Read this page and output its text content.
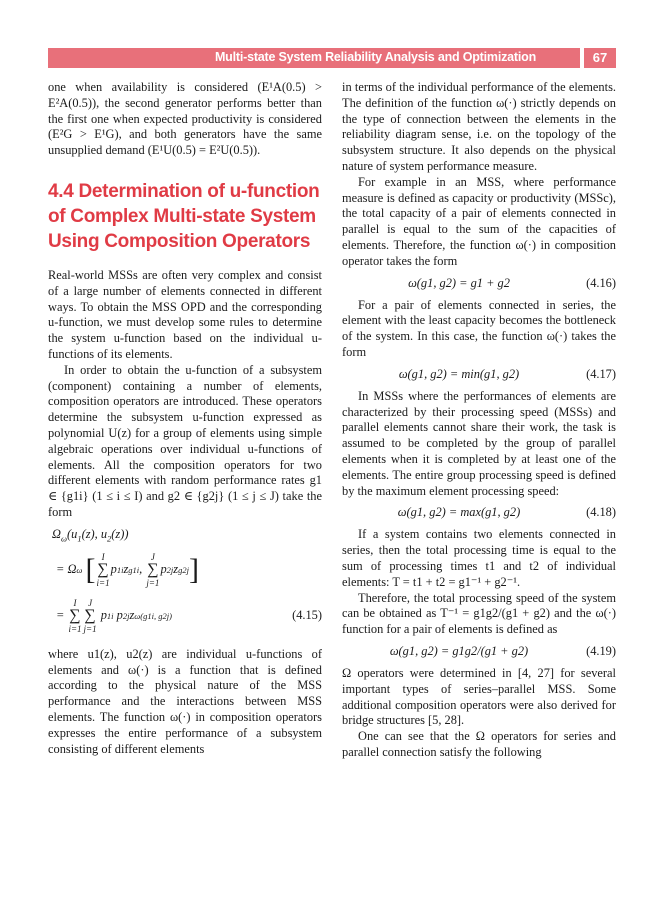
Multi-state System Reliability Analysis and Optimization	67

one when availability is considered (E¹A(0.5) > E²A(0.5)), the second generator performs better than the first one when expected productivity is considered (E²G > E¹G), and both generators have the same unsupplied demand (E¹U(0.5) = E²U(0.5)).

4.4 Determination of u-function of Complex Multi-state System Using Composition Operators

Real-world MSSs are often very complex and consist of a large number of elements connected in different ways. To obtain the MSS OPD and the corresponding u-function, we must develop some rules to determine the system u-function based on the individual u-functions of its elements.

In order to obtain the u-function of a subsystem (component) containing a number of elements, composition operators are introduced. These operators determine the subsystem u-function expressed as polynomial U(z) for a group of elements using simple algebraic operations over individual u-functions of elements. All the composition operators for two different elements with random performance rates g1 ∈ {g1i} (1 ≤ i ≤ I) and g2 ∈ {g2j} (1 ≤ j ≤ J) take the form

$\Omega_\omega(u_1(z)$, $u_2(z)$)
= Ω ω
[ I
∑
i=1
p 1i z g1i ,
J
∑
j=1
p 2j z g2j ]
=
I
∑
i=1
J
∑
j=1
p 1i p 2j z ω(g1i, g2j)	(4.15)

where u1(z), u2(z) are individual u-functions of elements and ω(·) is a function that is defined according to the physical nature of the MSS performance and the interactions between MSS elements. The function ω(·) in composition operators expresses the entire performance of a subsystem consisting of different elements

in terms of the individual performance of the elements. The definition of the function ω(·) strictly depends on the type of connection between the elements in the reliability diagram sense, i.e. on the topology of the subsystem structure. It also depends on the physical nature of system performance measure.

For example in an MSS, where performance measure is defined as capacity or productivity (MSSc), the total capacity of a pair of elements connected in parallel is equal to the sum of the capacities of elements. Therefore, the function ω(·) in composition operator takes the form

ω(g1, g2) = g1 + g2	(4.16)

For a pair of elements connected in series, the element with the least capacity becomes the bottleneck of the system. In this case, the function ω(·) takes the form

ω(g1, g2) = min(g1, g2)	(4.17)

In MSSs where the performances of elements are characterized by their processing speed (MSSs) and parallel elements cannot share their work, the task is assumed to be completed by the group of parallel elements when it is completed by at least one of the elements. The entire group processing speed is defined by the maximum element processing speed:

ω(g1, g2) = max(g1, g2)	(4.18)

If a system contains two elements connected in series, then the total processing time is equal to the sum of processing times t1 and t2 of individual elements: T = t1 + t2 = g1⁻¹ + g2⁻¹.

Therefore, the total processing speed of the system can be obtained as T⁻¹ = g1g2/(g1 + g2) and the ω(·) function for a pair of elements is defined as

ω(g1, g2) = g1g2/(g1 + g2)	(4.19)

Ω operators were determined in [4, 27] for several important types of series–parallel MSS. Some additional composition operators were also derived for bridge structures [5, 28].

One can see that the Ω operators for series and parallel connection satisfy the following
